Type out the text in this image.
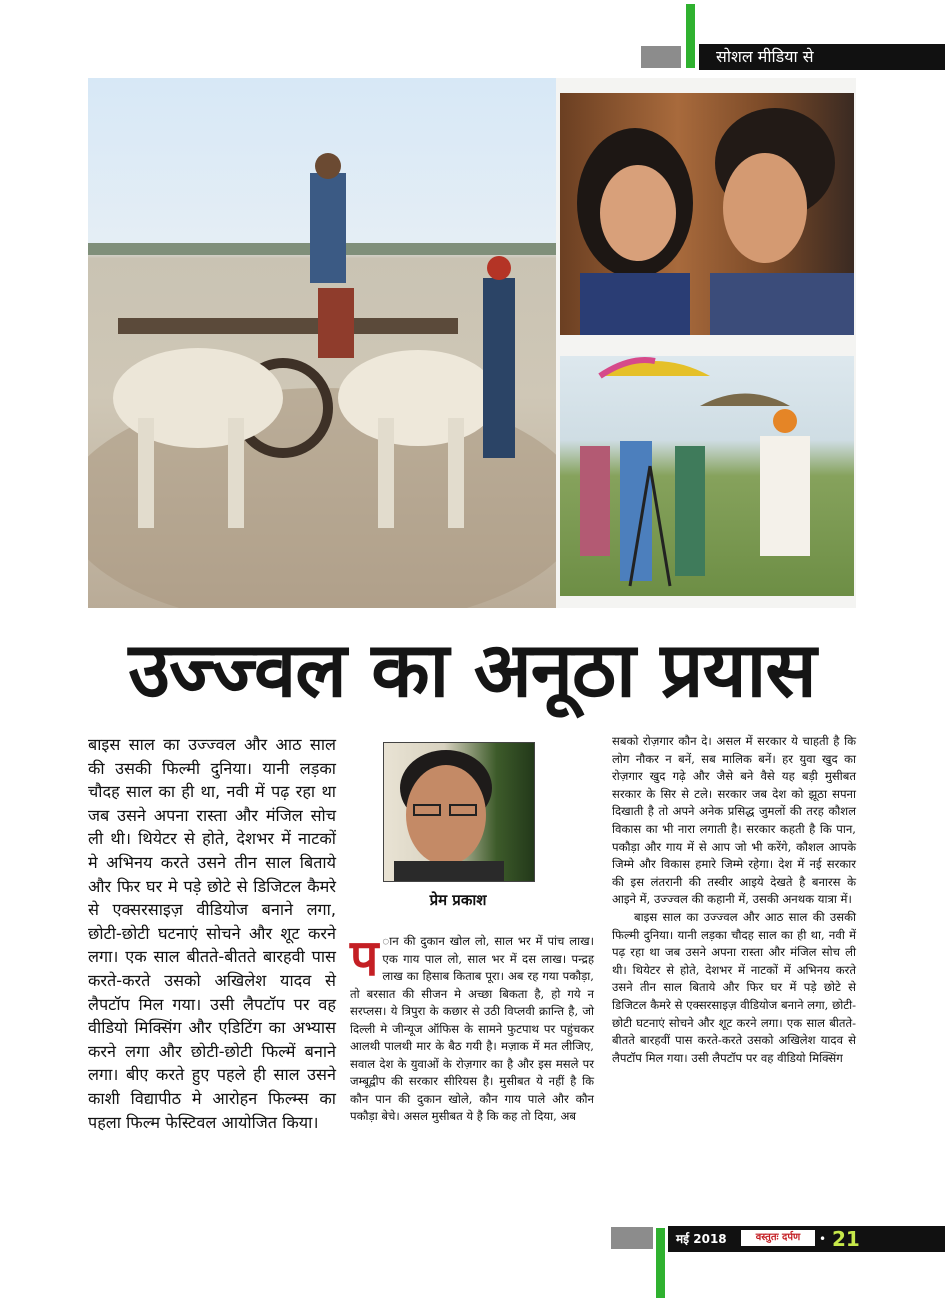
सोशल मीडिया से
उज्ज्वल का अनूठा प्रयास

बाइस साल का उज्ज्वल और आठ साल की उसकी फिल्मी दुनिया। यानी लड़का चौदह साल का ही था, नवी में पढ़ रहा था जब उसने अपना रास्ता और मंजिल सोच ली थी। थियेटर से होते, देशभर में नाटकों मे अभिनय करते उसने तीन साल बिताये और फिर घर मे पड़े छोटे से डिजिटल कैमरे से एक्सरसाइज़ वीडियोज बनाने लगा, छोटी-छोटी घटनाएं सोचने और शूट करने लगा। एक साल बीतते-बीतते बारहवी पास करते-करते उसको अखिलेश यादव से लैपटॉप मिल गया। उसी लैपटॉप पर वह वीडियो मिक्सिंग और एडिटिंग का अभ्यास करने लगा और छोटी-छोटी फिल्में बनाने लगा। बीए करते हुए पहले ही साल उसने काशी विद्यापीठ मे आरोहन फिल्म्स का पहला फिल्म फेस्टिवल आयोजित किया।

प्रेम प्रकाश

प ान की दुकान खोल लो, साल भर में पांच लाख। एक गाय पाल लो, साल भर में दस लाख। पन्द्रह लाख का हिसाब किताब पूरा। अब रह गया पकौड़ा, तो बरसात की सीजन मे अच्छा बिकता है, हो गये न सरप्लस। ये त्रिपुरा के कछार से उठी विप्लवी क्रान्ति है, जो दिल्ली मे जीन्यूज ऑफिस के सामने फुटपाथ पर पहुंचकर आलथी पालथी मार के बैठ गयी है। मज़ाक में मत लीजिए, सवाल देश के युवाओं के रोज़गार का है और इस मसले पर जम्बूद्वीप की सरकार सीरियस है। मुसीबत ये नहीं है कि कौन पान की दुकान खोले, कौन गाय पाले और कौन पकौड़ा बेचे। असल मुसीबत ये है कि कह तो दिया, अब

सबको रोज़गार कौन दे। असल में सरकार ये चाहती है कि लोग नौकर न बनें, सब मालिक बनें। हर युवा खुद का रोज़गार खुद गढ़े और जैसे बने वैसे यह बड़ी मुसीबत सरकार के सिर से टले। सरकार जब देश को झूठा सपना दिखाती है तो अपने अनेक प्रसिद्ध जुमलों की तरह कौशल विकास का भी नारा लगाती है। सरकार कहती है कि पान, पकौड़ा और गाय में से आप जो भी करेंगे, कौशल आपके जिम्मे और विकास हमारे जिम्मे रहेगा। देश में नई सरकार की इस लंतरानी की तस्वीर आइये देखते है बनारस के आइने में, उज्ज्वल की कहानी में, उसकी अनथक यात्रा में।

बाइस साल का उज्ज्वल और आठ साल की उसकी फिल्मी दुनिया। यानी लड़का चौदह साल का ही था, नवी में पढ़ रहा था जब उसने अपना रास्ता और मंजिल सोच ली थी। थियेटर से होते, देशभर में नाटकों में अभिनय करते उसने तीन साल बिताये और फिर घर में पड़े छोटे से डिजिटल कैमरे से एक्सरसाइज़ वीडियोज बनाने लगा, छोटी-छोटी घटनाएं सोचने और शूट करने लगा। एक साल बीतते-बीतते बारहवीं पास करते-करते उसको अखिलेश यादव से लैपटॉप मिल गया। उसी लैपटॉप पर वह वीडियो मिक्सिंग

मई 2018	वस्तुतः दर्पण	• 21
